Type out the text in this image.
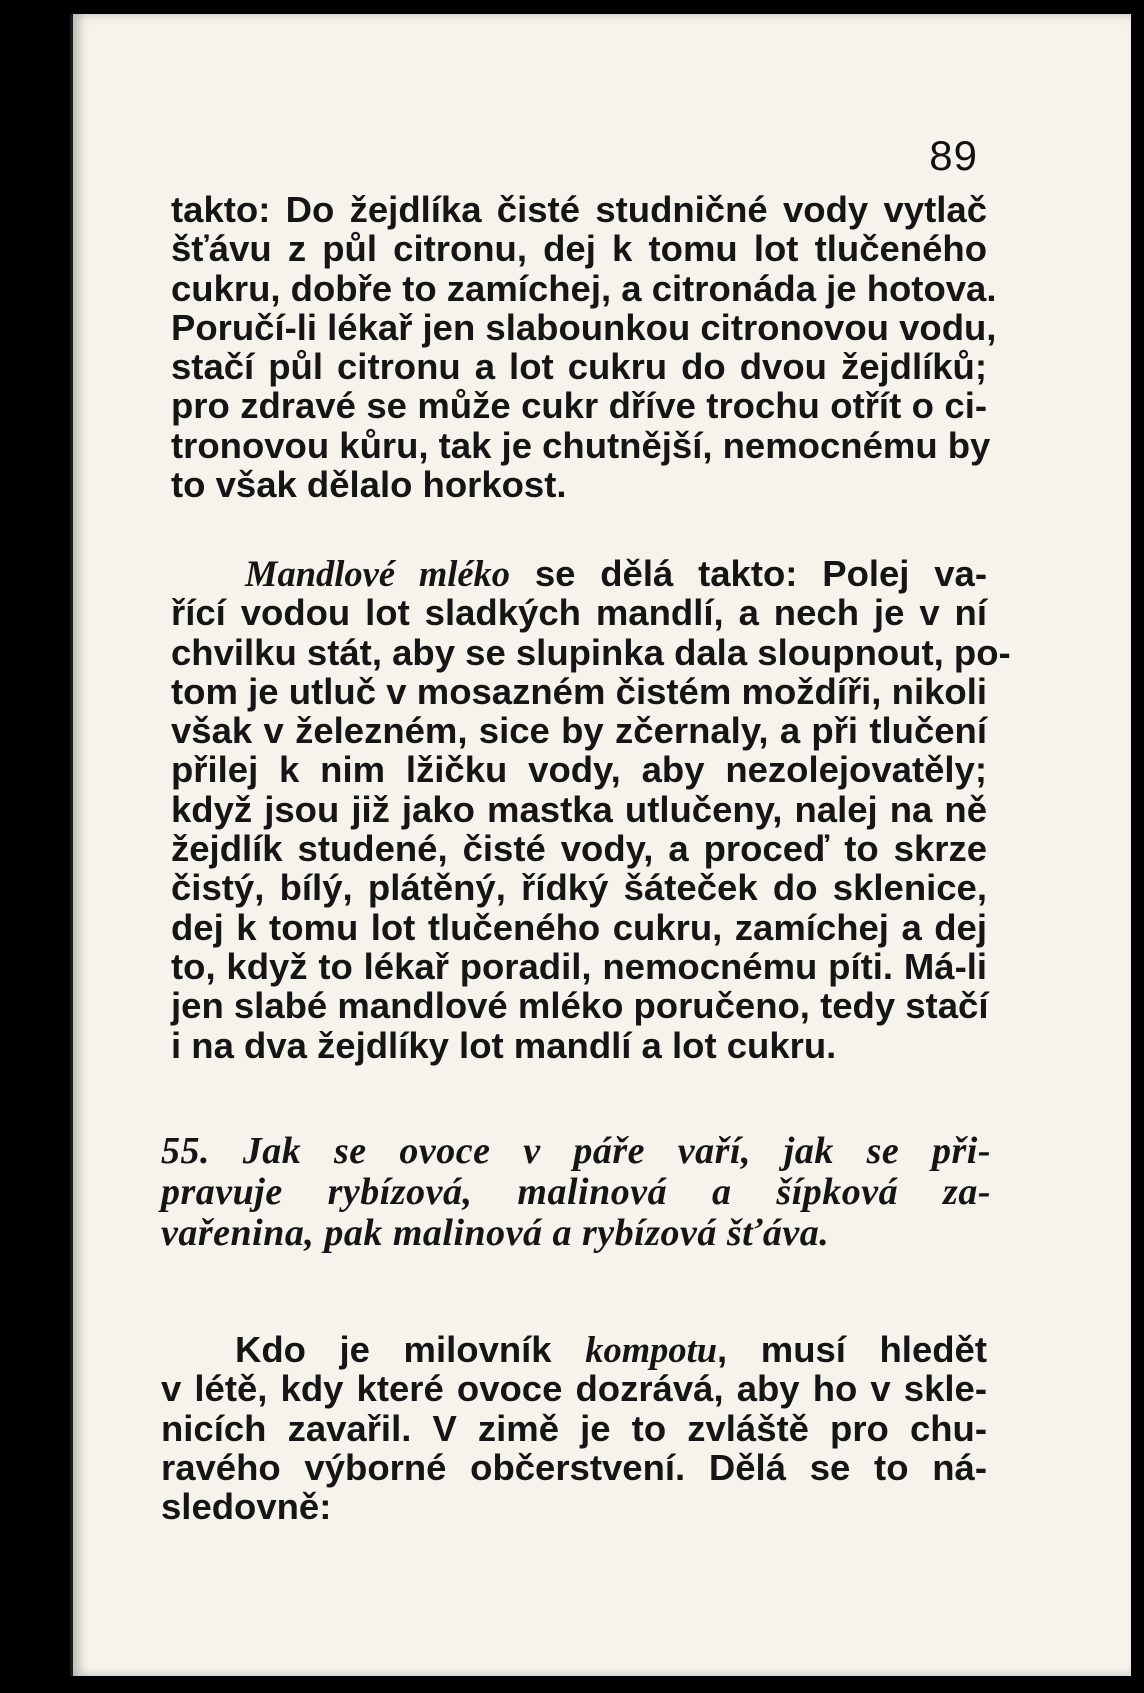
89
takto: Do žejdlíka čisté studničné vody vytlač
šťávu z půl citronu, dej k tomu lot tlučeného
cukru, dobře to zamíchej, a citronáda je hotova.
Poručí-li lékař jen slabounkou citronovou vodu,
stačí půl citronu a lot cukru do dvou žejdlíků;
pro zdravé se může cukr dříve trochu otřít o ci-
tronovou kůru, tak je chutnější, nemocnému by
to však dělalo horkost.
Mandlové mléko se dělá takto: Polej va-
řící vodou lot sladkých mandlí, a nech je v ní
chvilku stát, aby se slupinka dala sloupnout, po-
tom je utluč v mosazném čistém moždíři, nikoli
však v železném, sice by zčernaly, a při tlučení
přilej k nim lžičku vody, aby nezolejovatěly;
když jsou již jako mastka utlučeny, nalej na ně
žejdlík studené, čisté vody, a proceď to skrze
čistý, bílý, plátěný, řídký šáteček do sklenice,
dej k tomu lot tlučeného cukru, zamíchej a dej
to, když to lékař poradil, nemocnému píti. Má-li
jen slabé mandlové mléko poručeno, tedy stačí
i na dva žejdlíky lot mandlí a lot cukru.
55. Jak se ovoce v páře vaří, jak se při-
pravuje rybízová, malinová a šípková za-
vařenina, pak malinová a rybízová šťáva.
Kdo je milovník kompotu, musí hledět
v létě, kdy které ovoce dozrává, aby ho v skle-
nicích zavařil. V zimě je to zvláště pro chu-
ravého výborné občerstvení. Dělá se to ná-
sledovně:
